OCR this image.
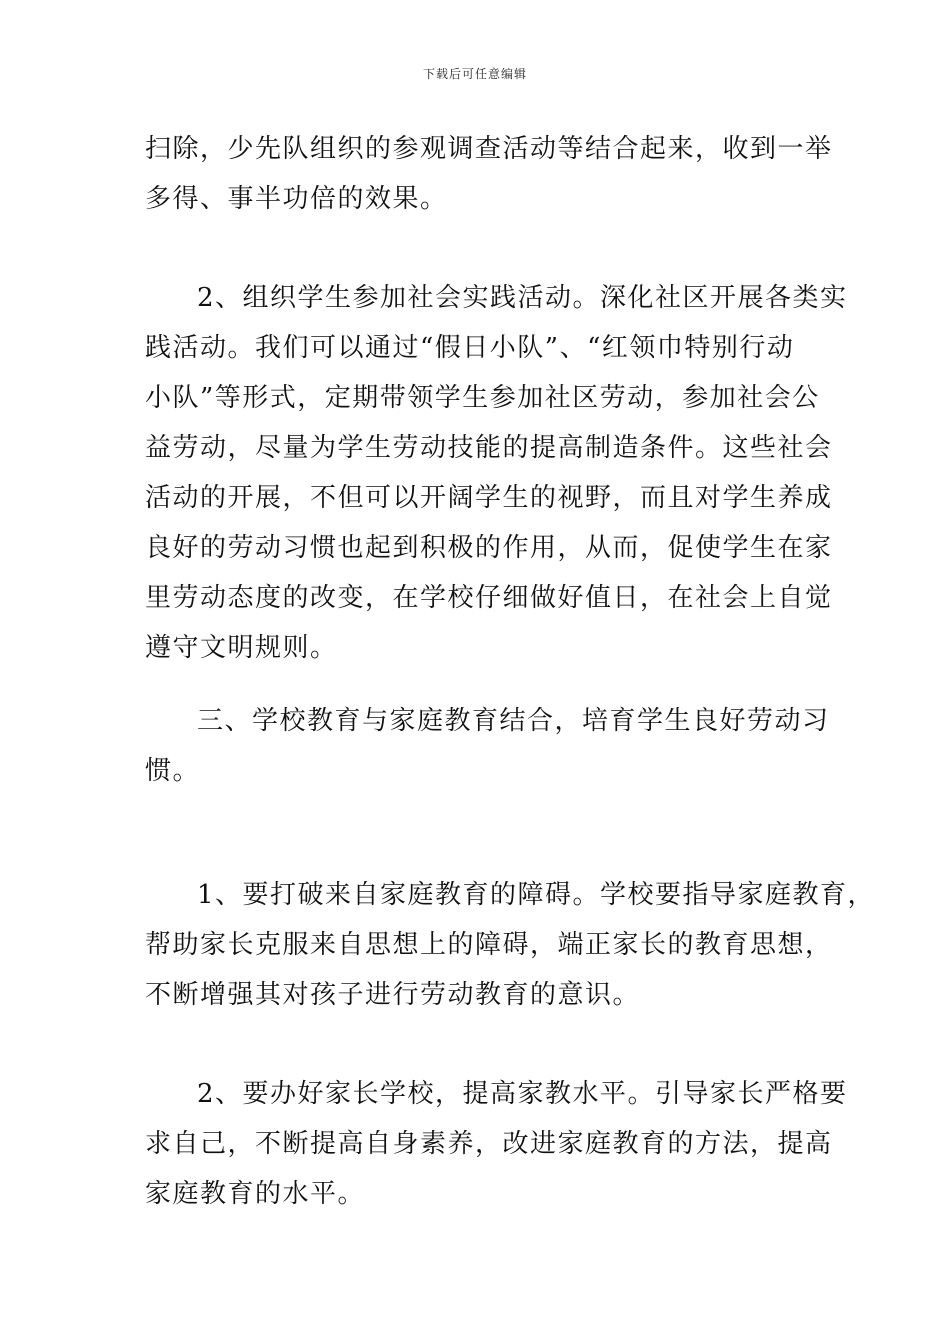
下载后可任意编辑
扫除，少先队组织的参观调查活动等结合起来，收到一举
多得、事半功倍的效果。
2、组织学生参加社会实践活动。深化社区开展各类实
践活动。我们可以通过“假日小队”、“红领巾特别行动
小队”等形式，定期带领学生参加社区劳动，参加社会公
益劳动，尽量为学生劳动技能的提高制造条件。这些社会
活动的开展，不但可以开阔学生的视野，而且对学生养成
良好的劳动习惯也起到积极的作用，从而，促使学生在家
里劳动态度的改变，在学校仔细做好值日，在社会上自觉
遵守文明规则。
三、学校教育与家庭教育结合，培育学生良好劳动习
惯。
1、要打破来自家庭教育的障碍。学校要指导家庭教育，
帮助家长克服来自思想上的障碍，端正家长的教育思想，
不断增强其对孩子进行劳动教育的意识。
2、要办好家长学校，提高家教水平。引导家长严格要
求自己，不断提高自身素养，改进家庭教育的方法，提高
家庭教育的水平。
